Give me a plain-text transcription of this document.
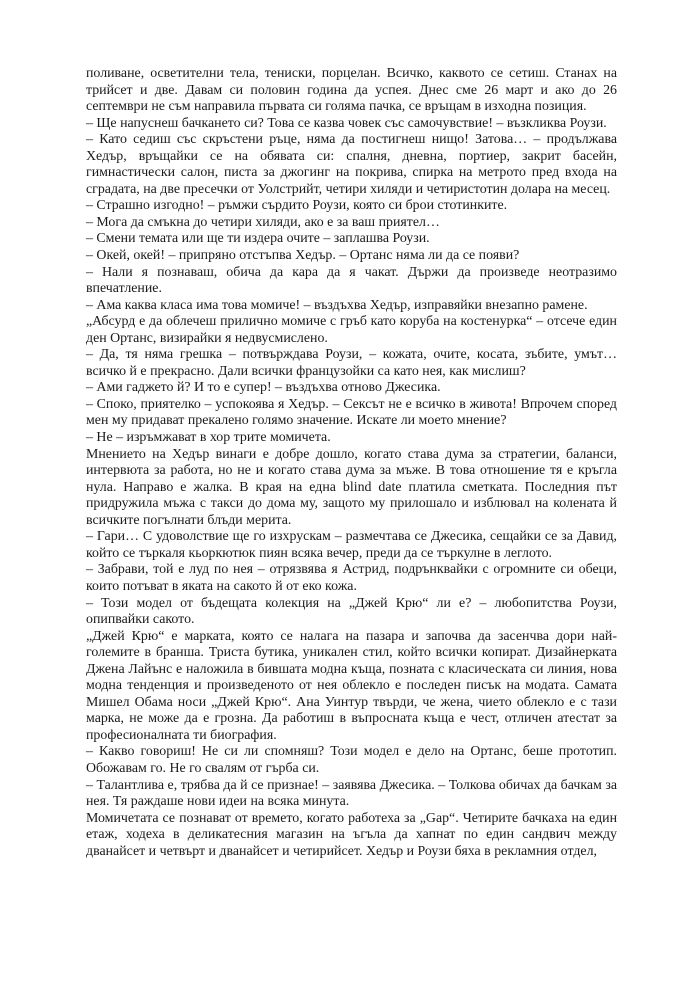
поливане, осветителни тела, тениски, порцелан. Всичко, каквото се сетиш. Станах на трийсет и две. Давам си половин година да успея. Днес сме 26 март и ако до 26 септември не съм направила първата си голяма пачка, се връщам в изходна позиция.

– Ще напуснеш бачкането си? Това се казва човек със самочувствие! – възкликва Роузи.

– Като седиш със скръстени ръце, няма да постигнеш нищо! Затова… – продължава Хедър, връщайки се на обявата си: спалня, дневна, портиер, закрит басейн, гимнастически салон, писта за джогинг на покрива, спирка на метрото пред входа на сградата, на две пресечки от Уолстрийт, четири хиляди и четиристотин долара на месец.

– Страшно изгодно! – ръмжи сърдито Роузи, която си брои стотинките.

– Мога да смъкна до четири хиляди, ако е за ваш приятел…

– Смени темата или ще ти издера очите – заплашва Роузи.

– Окей, окей! – припряно отстъпва Хедър. – Ортанс няма ли да се появи?

– Нали я познаваш, обича да кара да я чакат. Държи да произведе неотразимо впечатление.

– Ама каква класа има това момиче! – въздъхва Хедър, изправяйки внезапно рамене.

„Абсурд е да облечеш прилично момиче с гръб като коруба на костенурка“ – отсече един ден Ортанс, визирайки я недвусмислено.

– Да, тя няма грешка – потвърждава Роузи, – кожата, очите, косата, зъбите, умът… всичко й е прекрасно. Дали всички французойки са като нея, как мислиш?

– Ами гаджето й? И то е супер! – въздъхва отново Джесика.

– Споко, приятелко – успокоява я Хедър. – Сексът не е всичко в живота! Впрочем според мен му придават прекалено голямо значение. Искате ли моето мнение?

– Не – изръмжават в хор трите момичета.

Мнението на Хедър винаги е добре дошло, когато става дума за стратегии, баланси, интервюта за работа, но не и когато става дума за мъже. В това отношение тя е кръгла нула. Направо е жалка. В края на една blind date платила сметката. Последния път придружила мъжа с такси до дома му, защото му прилошало и изблювал на колената й всичките погълнати блъди мерита.

– Гари… С удоволствие ще го изхрускам – размечтава се Джесика, сещайки се за Давид, който се търкаля кьоркютюк пиян всяка вечер, преди да се търкулне в леглото.

– Забрави, той е луд по нея – отрязвява я Астрид, подрънквайки с огромните си обеци, които потъват в яката на сакото й от еко кожа.

– Този модел от бъдещата колекция на „Джей Крю“ ли е? – любопитства Роузи, опипвайки сакото.

„Джей Крю“ е марката, която се налага на пазара и започва да засенчва дори най-големите в бранша. Триста бутика, уникален стил, който всички копират. Дизайнерката Джена Лайънс е наложила в бившата модна къща, позната с класическата си линия, нова модна тенденция и произведеното от нея облекло е последен писък на модата. Самата Мишел Обама носи „Джей Крю“. Ана Уинтур твърди, че жена, чието облекло е с тази марка, не може да е грозна. Да работиш в въпросната къща е чест, отличен атестат за професионалната ти биография.

– Какво говориш! Не си ли спомняш? Този модел е дело на Ортанс, беше прототип. Обожавам го. Не го свалям от гърба си.

– Талантлива е, трябва да й се признае! – заявява Джесика. – Толкова обичах да бачкам за нея. Тя раждаше нови идеи на всяка минута.

Момичетата се познават от времето, когато работеха за „Gap“. Четирите бачкаха на един етаж, ходеха в деликатесния магазин на ъгъла да хапнат по един сандвич между дванайсет и четвърт и дванайсет и четирийсет. Хедър и Роузи бяха в рекламния отдел,
